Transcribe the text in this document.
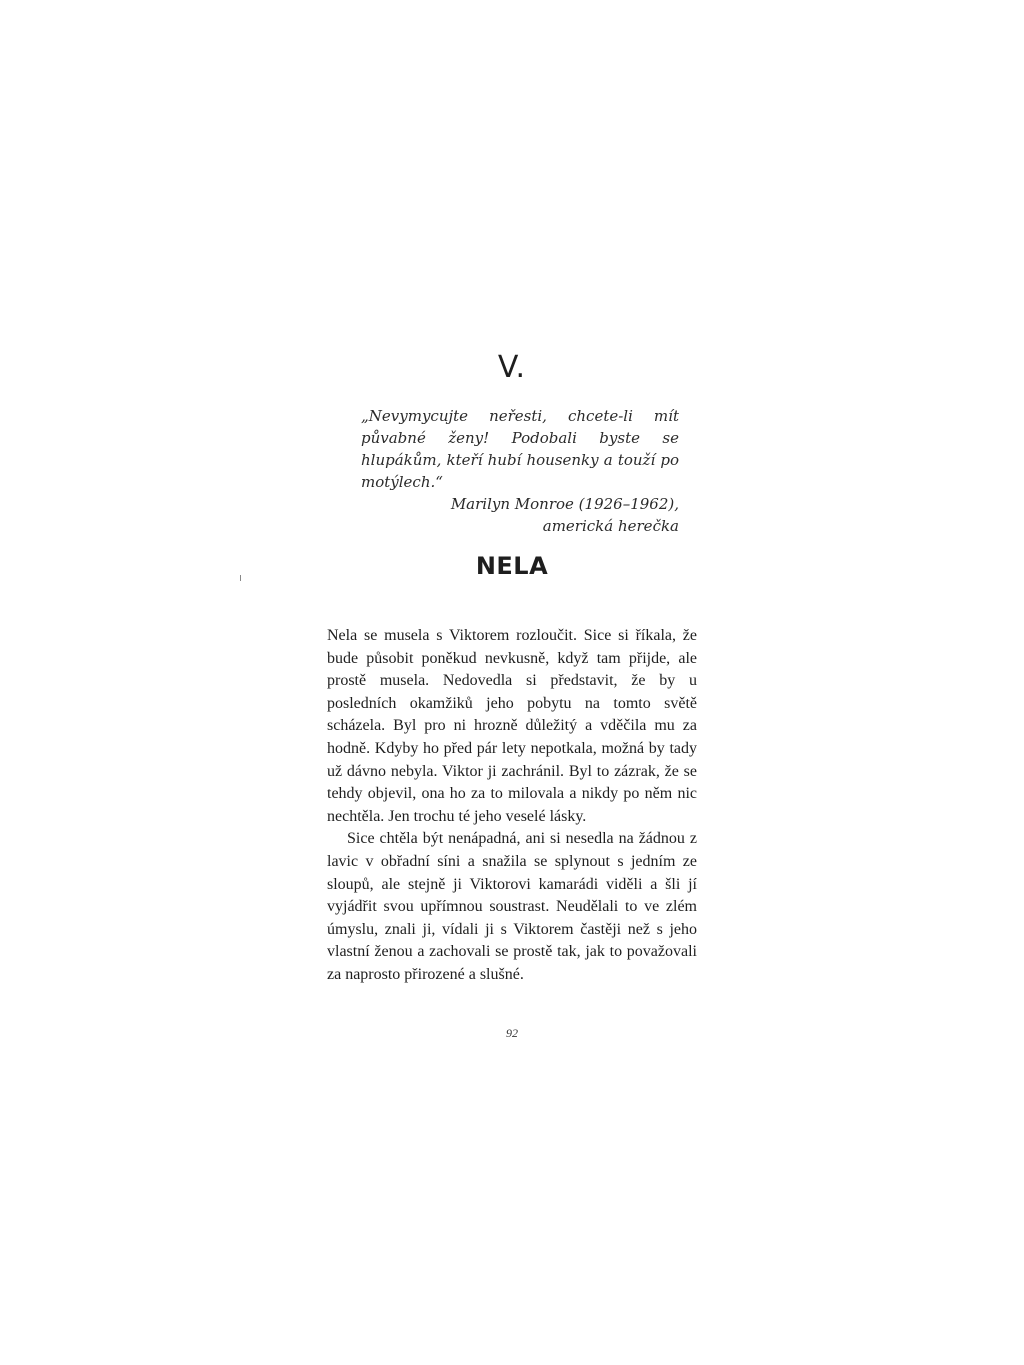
V.

„Nevymycujte neřesti, chcete-li mít půvabné ženy! Podobali byste se hlupákům, kteří hubí housenky a touží po motýlech.“

Marilyn Monroe (1926–1962), americká herečka

NELA

Nela se musela s Viktorem rozloučit. Sice si říkala, že bude působit poněkud nevkusně, když tam přijde, ale prostě musela. Nedovedla si představit, že by u posledních okamžiků jeho pobytu na tomto světě scházela. Byl pro ni hrozně důležitý a vděčila mu za hodně. Kdyby ho před pár lety nepotkala, možná by tady už dávno nebyla. Viktor ji zachránil. Byl to zázrak, že se tehdy objevil, ona ho za to milovala a nikdy po něm nic nechtěla. Jen trochu té jeho veselé lásky.

Sice chtěla být nenápadná, ani si nesedla na žádnou z lavic v obřadní síni a snažila se splynout s jedním ze sloupů, ale stejně ji Viktorovi kamarádi viděli a šli jí vyjádřit svou upřímnou soustrast. Neudělali to ve zlém úmyslu, znali ji, vídali ji s Viktorem častěji než s jeho vlastní ženou a zachovali se prostě tak, jak to považovali za naprosto přirozené a slušné.

92
